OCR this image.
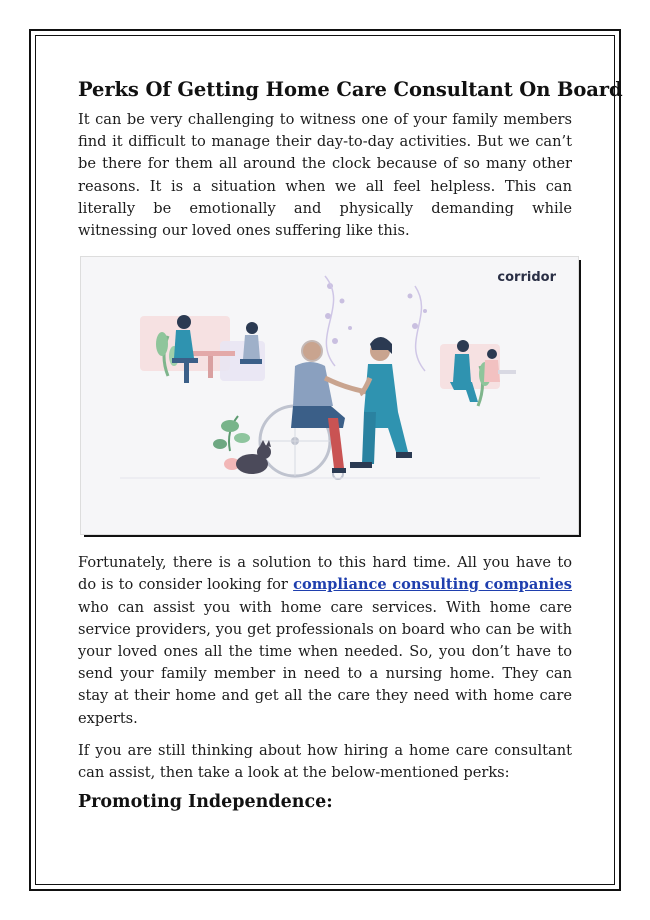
Perks Of Getting Home Care Consultant On Board

It can be very challenging to witness one of your family members find it difficult to manage their day-to-day activities. But we can’t be there for them all around the clock because of so many other reasons. It is a situation when we all feel helpless. This can literally be emotionally and physically demanding while witnessing our loved ones suffering like this.

corridor

Fortunately, there is a solution to this hard time. All you have to do is to consider looking for compliance consulting companies who can assist you with home care services. With home care service providers, you get professionals on board who can be with your loved ones all the time when needed. So, you don’t have to send your family member in need to a nursing home. They can stay at their home and get all the care they need with home care experts.

If you are still thinking about how hiring a home care consultant can assist, then take a look at the below-mentioned perks:

Promoting Independence:
